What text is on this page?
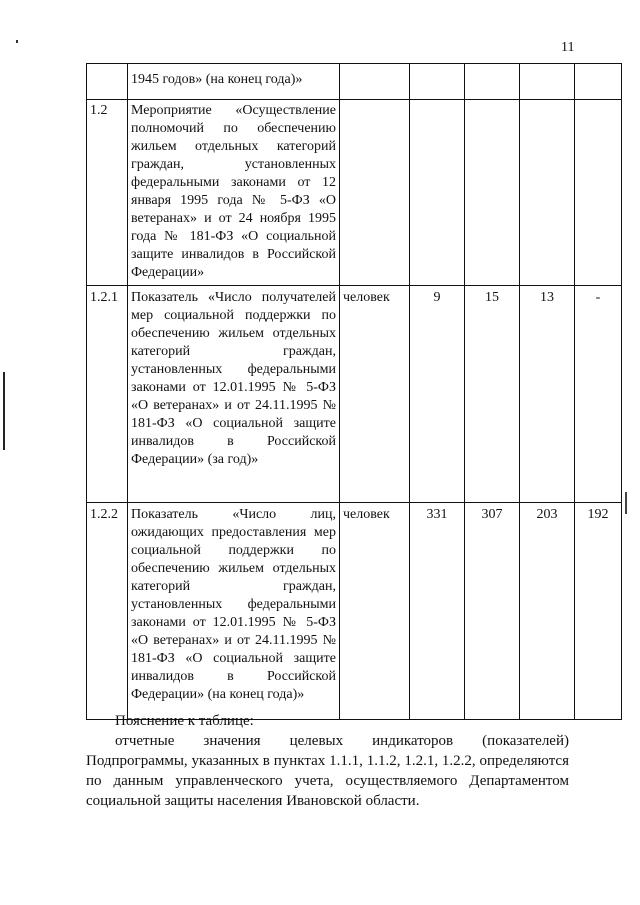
11
	1945 годов» (на конец года)»					
1.2	Мероприятие «Осуществление полномочий по обеспечению жильем отдельных категорий граждан, установленных федеральными законами от 12 января 1995 года № 5-ФЗ «О ветеранах» и от 24 ноября 1995 года № 181-ФЗ «О социальной защите инвалидов в Российской Федерации»					
1.2.1	Показатель «Число получателей мер социальной поддержки по обеспечению жильем отдельных категорий граждан, установленных федеральными законами от 12.01.1995 № 5-ФЗ «О ветеранах» и от 24.11.1995 № 181-ФЗ «О социальной защите инвалидов в Российской Федерации» (за год)»	человек	9	15	13	-
1.2.2	Показатель «Число лиц, ожидающих предоставления мер социальной поддержки по обеспечению жильем отдельных категорий граждан, установленных федеральными законами от 12.01.1995 № 5-ФЗ «О ветеранах» и от 24.11.1995 № 181-ФЗ «О социальной защите инвалидов в Российской Федерации» (на конец года)»	человек	331	307	203	192
Пояснение к таблице:

отчетные значения целевых индикаторов (показателей) Подпрограммы, указанных в пунктах 1.1.1, 1.1.2, 1.2.1, 1.2.2, определяются по данным управленческого учета, осуществляемого Департаментом социальной защиты населения Ивановской области.
